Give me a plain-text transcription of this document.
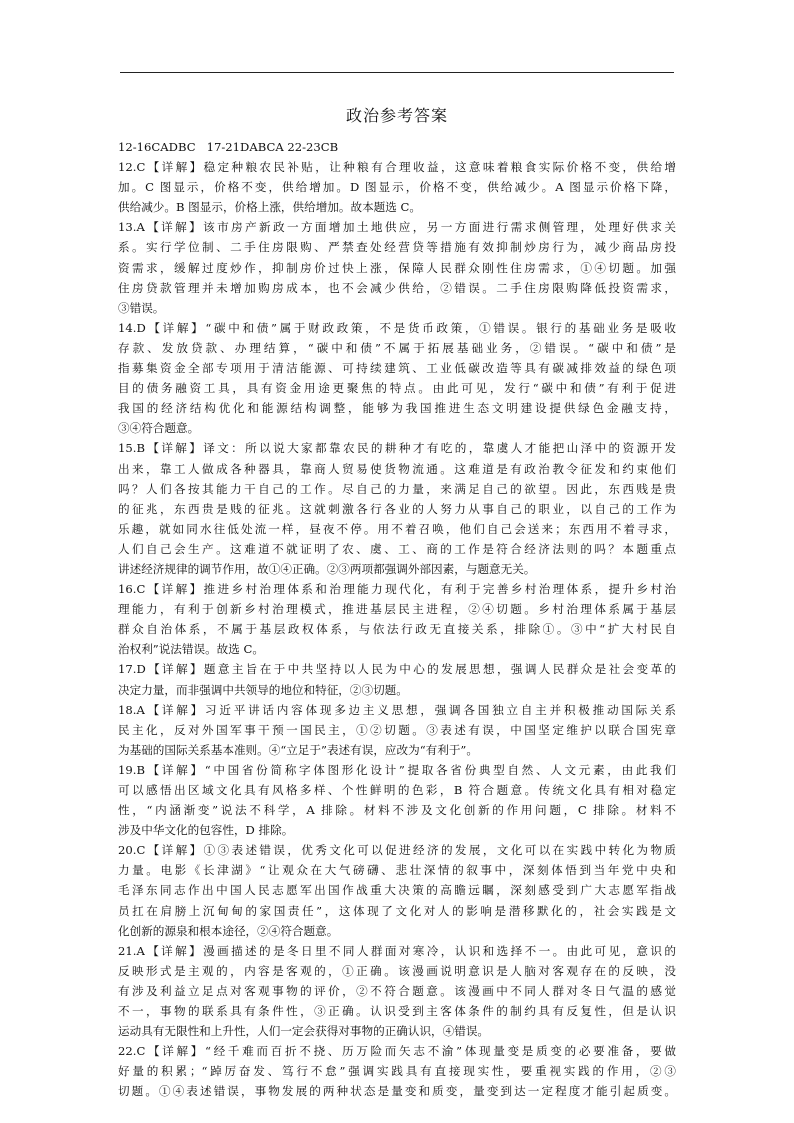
政治参考答案
12-16CADBC   17-21DABCA 22-23CB
12.C【详解】稳定种粮农民补贴，让种粮有合理收益，这意味着粮食实际价格不变，供给增
加。C 图显示，价格不变，供给增加。D 图显示，价格不变，供给减少。A 图显示价格下降，
供给减少。B 图显示，价格上涨，供给增加。故本题选 C。
13.A【详解】该市房产新政一方面增加土地供应，另一方面进行需求侧管理，处理好供求关
系。实行学位制、二手住房限购、严禁查处经营贷等措施有效抑制炒房行为，减少商品房投
资需求，缓解过度炒作，抑制房价过快上涨，保障人民群众刚性住房需求，①④切题。加强
住房贷款管理并未增加购房成本，也不会减少供给，②错误。二手住房限购降低投资需求，
③错误。
14.D【详解】“碳中和债”属于财政政策，不是货币政策，①错误。银行的基础业务是吸收
存款、发放贷款、办理结算，“碳中和债”不属于拓展基础业务，②错误。“碳中和债”是
指募集资金全部专项用于清洁能源、可持续建筑、工业低碳改造等具有碳减排效益的绿色项
目的债务融资工具，具有资金用途更聚焦的特点。由此可见，发行“碳中和债”有利于促进
我国的经济结构优化和能源结构调整，能够为我国推进生态文明建设提供绿色金融支持，
③④符合题意。
15.B【详解】译文：所以说大家都靠农民的耕种才有吃的，靠虞人才能把山泽中的资源开发
出来，靠工人做成各种器具，靠商人贸易使货物流通。这难道是有政治教令征发和约束他们
吗？人们各按其能力干自己的工作。尽自己的力量，来满足自己的欲望。因此，东西贱是贵
的征兆，东西贵是贱的征兆。这就刺激各行各业的人努力从事自己的职业，以自己的工作为
乐趣，就如同水往低处流一样，昼夜不停。用不着召唤，他们自己会送来；东西用不着寻求，
人们自己会生产。这难道不就证明了农、虞、工、商的工作是符合经济法则的吗？本题重点
讲述经济规律的调节作用，故①④正确。②③两项都强调外部因素，与题意无关。
16.C【详解】推进乡村治理体系和治理能力现代化，有利于完善乡村治理体系，提升乡村治
理能力，有利于创新乡村治理模式，推进基层民主进程，②④切题。乡村治理体系属于基层
群众自治体系，不属于基层政权体系，与依法行政无直接关系，排除①。③中“扩大村民自
治权利”说法错误。故选 C。
17.D【详解】题意主旨在于中共坚持以人民为中心的发展思想，强调人民群众是社会变革的
决定力量，而非强调中共领导的地位和特征，②③切题。
18.A【详解】习近平讲话内容体现多边主义思想，强调各国独立自主并积极推动国际关系
民主化，反对外国军事干预一国民主，①②切题。③表述有误，中国坚定维护以联合国宪章
为基础的国际关系基本准则。④“立足于”表述有误，应改为“有利于”。
19.B【详解】“中国省份简称字体图形化设计”提取各省份典型自然、人文元素，由此我们
可以感悟出区域文化具有风格多样、个性鲜明的色彩，B 符合题意。传统文化具有相对稳定
性，“内涵渐变”说法不科学，A 排除。材料不涉及文化创新的作用问题，C 排除。材料不
涉及中华文化的包容性，D 排除。
20.C【详解】①③表述错误，优秀文化可以促进经济的发展，文化可以在实践中转化为物质
力量。电影《长津湖》“让观众在大气磅礴、悲壮深情的叙事中，深刻体悟到当年党中央和
毛泽东同志作出中国人民志愿军出国作战重大决策的高瞻远瞩，深刻感受到广大志愿军指战
员扛在肩膀上沉甸甸的家国责任”，这体现了文化对人的影响是潜移默化的，社会实践是文
化创新的源泉和根本途径，②④符合题意。
21.A【详解】漫画描述的是冬日里不同人群面对寒冷，认识和选择不一。由此可见，意识的
反映形式是主观的，内容是客观的，①正确。该漫画说明意识是人脑对客观存在的反映，没
有涉及利益立足点对客观事物的评价，②不符合题意。该漫画中不同人群对冬日气温的感觉
不一，事物的联系具有条件性，③正确。认识受到主客体条件的制约具有反复性，但是认识
运动具有无限性和上升性，人们一定会获得对事物的正确认识，④错误。
22.C【详解】“经千难而百折不挠、历万险而矢志不渝”体现量变是质变的必要准备，要做
好量的积累；“踔厉奋发、笃行不怠”强调实践具有直接现实性，要重视实践的作用，②③
切题。①④表述错误，事物发展的两种状态是量变和质变，量变到达一定程度才能引起质变。
